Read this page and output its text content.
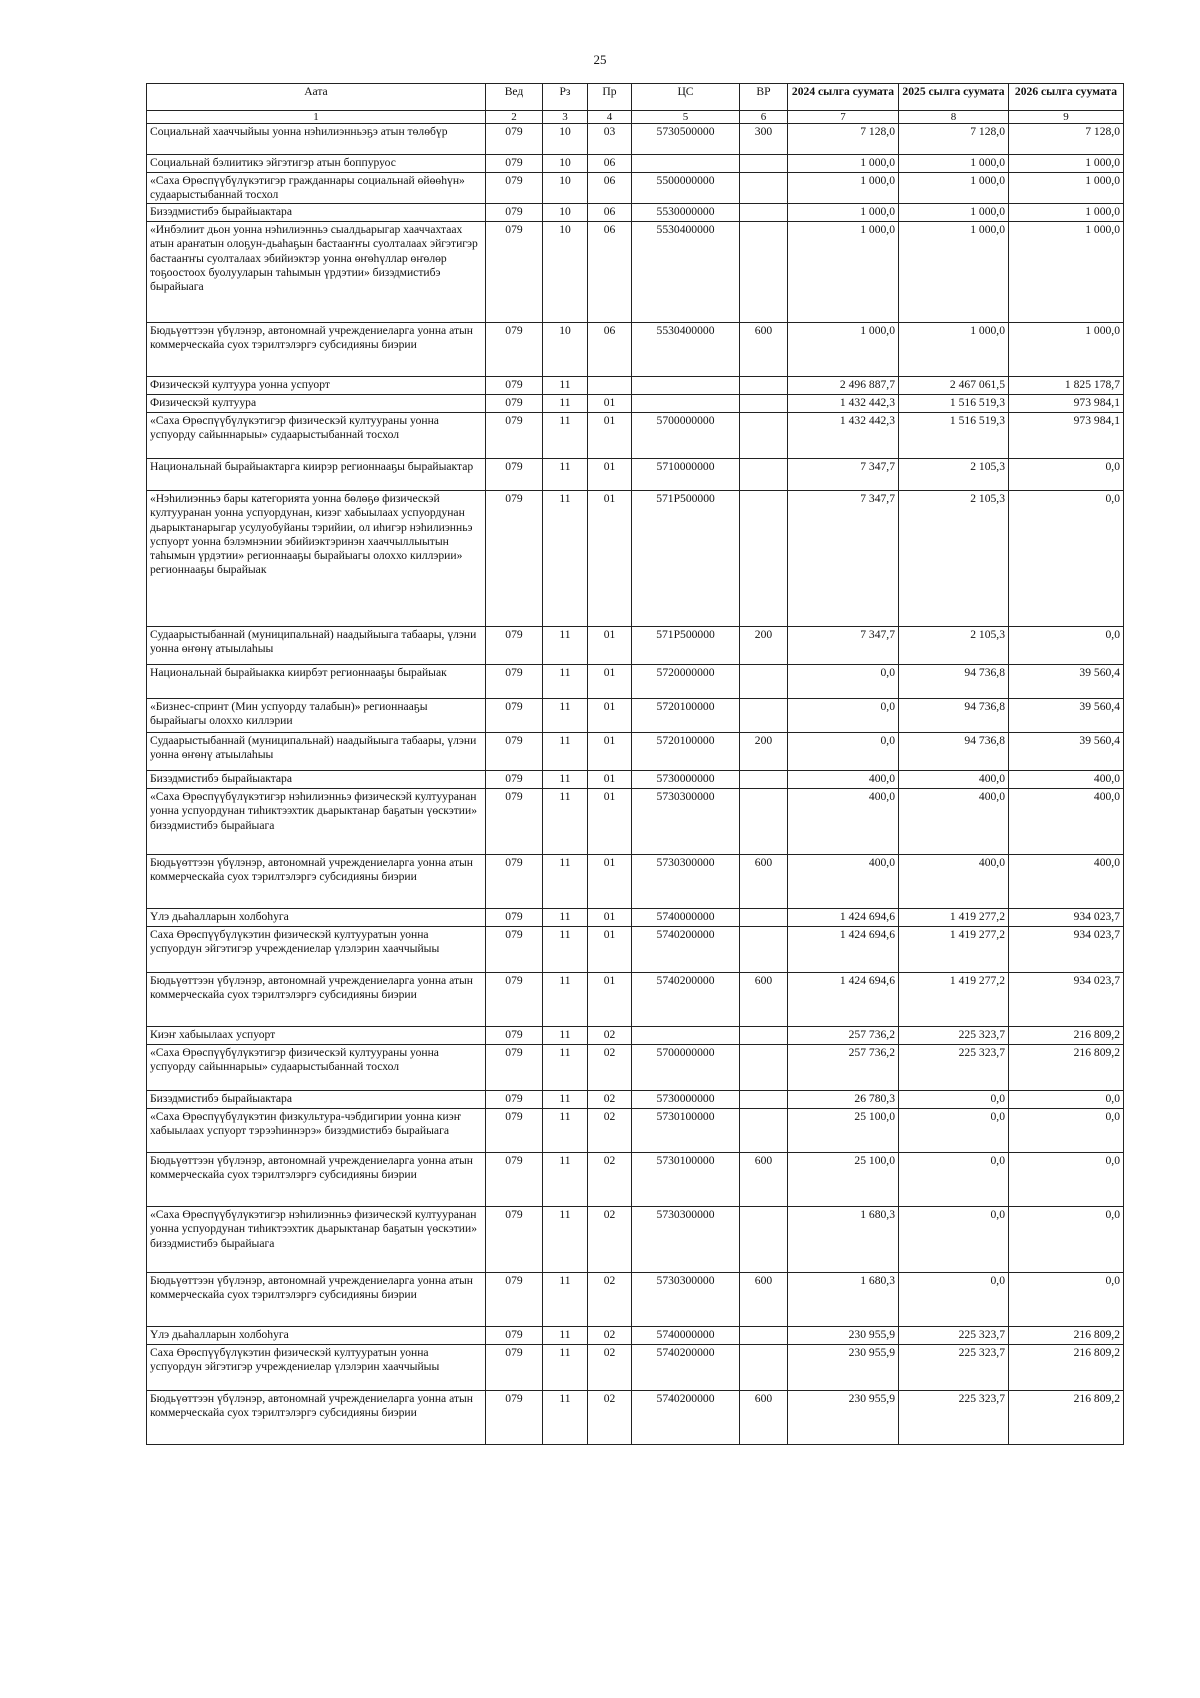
25
Аата	Вед	Рз	Пр	ЦС	ВР	2024 сылга суумата	2025 сылга суумата	2026 сылга суумата
1	2	3	4	5	6	7	8	9
Социальнай хааччыйыы уонна нэһилиэнньэҕэ атын төлөбүр	079	10	03	5730500000	300	7 128,0	7 128,0	7 128,0
Социальнай бэлиитикэ эйгэтигэр атын боппуруос	079	10	06			1 000,0	1 000,0	1 000,0
«Саха Өрөспүүбүлүкэтигэр гражданнары социальнай өйөөһүн» судаарыстыбаннай тосхол	079	10	06	5500000000		1 000,0	1 000,0	1 000,0
Бизэдмистибэ бырайыактара	079	10	06	5530000000		1 000,0	1 000,0	1 000,0
«Инбэлиит дьон уонна нэһилиэнньэ сыалдьарыгар хааччахтаах атын араҥатын олоҕун-дьаһаҕын бастааҥҥы суолталаах эйгэтигэр бастааҥҥы суолталаах эбийиэктэр уонна өҥөһүллар өҥөлөр тоҕоостоох буолууларын таһымын үрдэтии» бизэдмистибэ бырайыага	079	10	06	5530400000		1 000,0	1 000,0	1 000,0
Бюдьүөттээн үбүлэнэр, автономнай учреждениеларга уонна атын коммерческайа суох тэрилтэлэргэ субсидияны биэрии	079	10	06	5530400000	600	1 000,0	1 000,0	1 000,0
Физическэй култуура уонна успуорт	079	11				2 496 887,7	2 467 061,5	1 825 178,7
Физическэй култуура	079	11	01			1 432 442,3	1 516 519,3	973 984,1
«Саха Өрөспүүбүлүкэтигэр физическэй култуураны уонна успуорду сайыннарыы» судаарыстыбаннай тосхол	079	11	01	5700000000		1 432 442,3	1 516 519,3	973 984,1
Национальнай бырайыактарга киирэр регионнааҕы бырайыактар	079	11	01	5710000000		7 347,7	2 105,3	0,0
«Нэһилиэнньэ бары категориятa уонна бөлөҕө физическэй култууранан уонна успуордунан, кизэг хабыылаах успуордунан дьарыктанарыгар усулуобуйаны тэрийии, ол иһигэр нэһилиэнньэ успуорт уонна бэлэмнэнии эбийиэктэринэн хааччыллыытын таһымын үрдэтии» регионнааҕы бырайыагы олоххо киллэрии» регионнааҕы бырайыак	079	11	01	571P500000		7 347,7	2 105,3	0,0
Судаарыстыбаннай (муниципальнай) наадыйыыга табаары, үлэни уонна өҥөнү атыылаһыы	079	11	01	571P500000	200	7 347,7	2 105,3	0,0
Национальнай бырайыакка киирбэт регионнааҕы бырайыак	079	11	01	5720000000		0,0	94 736,8	39 560,4
«Бизнес-спринт (Мин успуорду талабын)» регионнааҕы бырайыагы олоххо киллэрии	079	11	01	5720100000		0,0	94 736,8	39 560,4
Судаарыстыбаннай (муниципальнай) наадыйыыга табаары, үлэни уонна өҥөнү атыылаһыы	079	11	01	5720100000	200	0,0	94 736,8	39 560,4
Бизэдмистибэ бырайыактара	079	11	01	5730000000		400,0	400,0	400,0
«Саха Өрөспүүбүлүкэтигэр нэһилиэнньэ физическэй култууранан уонна успуордунан тиһиктээхтик дьарыктанар баҕатын үөскэтии» бизэдмистибэ бырайыага	079	11	01	5730300000		400,0	400,0	400,0
Бюдьүөттээн үбүлэнэр, автономнай учреждениеларга уонна атын коммерческайа суох тэрилтэлэргэ субсидияны биэрии	079	11	01	5730300000	600	400,0	400,0	400,0
Үлэ дьаһалларын холбоһуга	079	11	01	5740000000		1 424 694,6	1 419 277,2	934 023,7
Саха Өрөспүүбүлүкэтин физическэй култууратын уонна успуордун эйгэтигэр учреждениелар үлэлэрин хааччыйыы	079	11	01	5740200000		1 424 694,6	1 419 277,2	934 023,7
Бюдьүөттээн үбүлэнэр, автономнай учреждениеларга уонна атын коммерческайа суох тэрилтэлэргэ субсидияны биэрии	079	11	01	5740200000	600	1 424 694,6	1 419 277,2	934 023,7
Киэҥ хабыылаах успуорт	079	11	02			257 736,2	225 323,7	216 809,2
«Саха Өрөспүүбүлүкэтигэр физическэй култуураны уонна успуорду сайыннарыы» судаарыстыбаннай тосхол	079	11	02	5700000000		257 736,2	225 323,7	216 809,2
Бизэдмистибэ бырайыактара	079	11	02	5730000000		26 780,3	0,0	0,0
«Саха Өрөспүүбүлүкэтин физкультура-чэбдигирии уонна киэҥ хабыылаах успуорт тэрээһиннэрэ» бизэдмистибэ бырайыага	079	11	02	5730100000		25 100,0	0,0	0,0
Бюдьүөттээн үбүлэнэр, автономнай учреждениеларга уонна атын коммерческайа суох тэрилтэлэргэ субсидияны биэрии	079	11	02	5730100000	600	25 100,0	0,0	0,0
«Саха Өрөспүүбүлүкэтигэр нэһилиэнньэ физическэй култууранан уонна успуордунан тиһиктээхтик дьарыктанар баҕатын үөскэтии» бизэдмистибэ бырайыага	079	11	02	5730300000		1 680,3	0,0	0,0
Бюдьүөттээн үбүлэнэр, автономнай учреждениеларга уонна атын коммерческайа суох тэрилтэлэргэ субсидияны биэрии	079	11	02	5730300000	600	1 680,3	0,0	0,0
Үлэ дьаһалларын холбоһуга	079	11	02	5740000000		230 955,9	225 323,7	216 809,2
Саха Өрөспүүбүлүкэтин физическэй култууратын уонна успуордун эйгэтигэр учреждениелар үлэлэрин хааччыйыы	079	11	02	5740200000		230 955,9	225 323,7	216 809,2
Бюдьүөттээн үбүлэнэр, автономнай учреждениеларга уонна атын коммерческайа суох тэрилтэлэргэ субсидияны биэрии	079	11	02	5740200000	600	230 955,9	225 323,7	216 809,2
